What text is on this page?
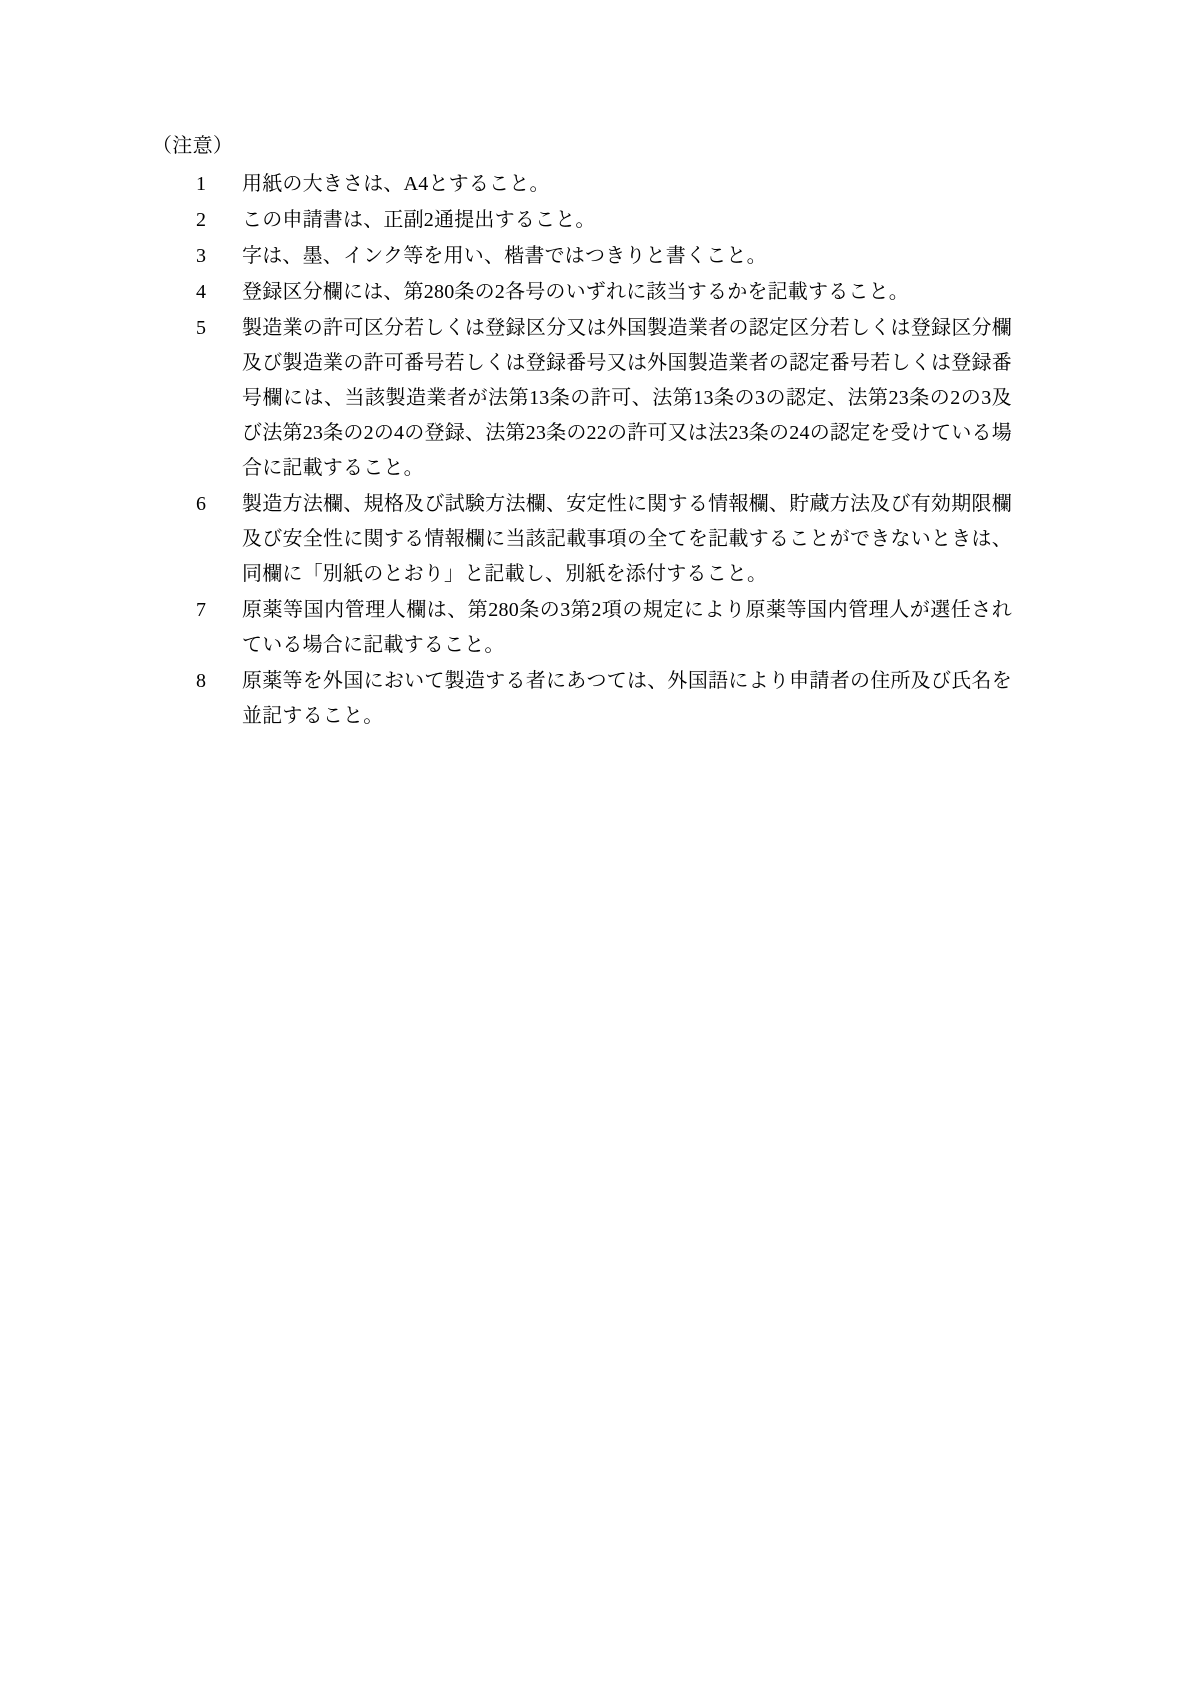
（注意）

1	用紙の大きさは、A4とすること。
2	この申請書は、正副2通提出すること。
3	字は、墨、インク等を用い、楷書ではつきりと書くこと。
4	登録区分欄には、第280条の2各号のいずれに該当するかを記載すること。
5	製造業の許可区分若しくは登録区分又は外国製造業者の認定区分若しくは登録区分欄及び製造業の許可番号若しくは登録番号又は外国製造業者の認定番号若しくは登録番号欄には、当該製造業者が法第13条の許可、法第13条の3の認定、法第23条の2の3及び法第23条の2の4の登録、法第23条の22の許可又は法23条の24の認定を受けている場合に記載すること。
6	製造方法欄、規格及び試験方法欄、安定性に関する情報欄、貯蔵方法及び有効期限欄及び安全性に関する情報欄に当該記載事項の全てを記載することができないときは、同欄に「別紙のとおり」と記載し、別紙を添付すること。
7	原薬等国内管理人欄は、第280条の3第2項の規定により原薬等国内管理人が選任されている場合に記載すること。
8	原薬等を外国において製造する者にあつては、外国語により申請者の住所及び氏名を並記すること。
